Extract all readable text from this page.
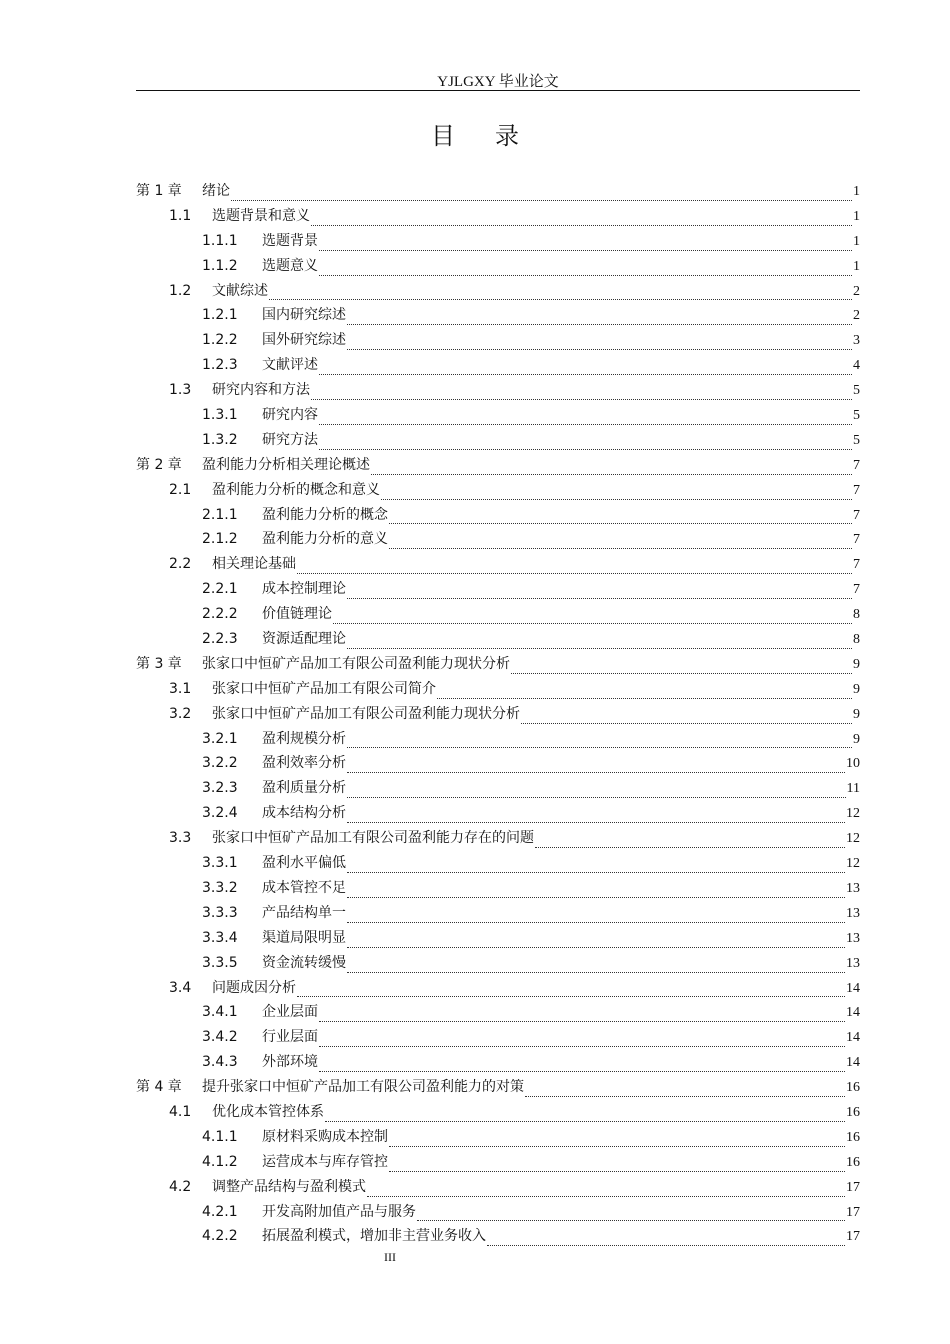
YJLGXY 毕业论文
目录
第 1 章	绪论	1
1.1	选题背景和意义	1
1.1.1	选题背景	1
1.1.2	选题意义	1
1.2	文献综述	2
1.2.1	国内研究综述	2
1.2.2	国外研究综述	3
1.2.3	文献评述	4
1.3	研究内容和方法	5
1.3.1	研究内容	5
1.3.2	研究方法	5
第 2 章	盈利能力分析相关理论概述	7
2.1	盈利能力分析的概念和意义	7
2.1.1	盈利能力分析的概念	7
2.1.2	盈利能力分析的意义	7
2.2	相关理论基础	7
2.2.1	成本控制理论	7
2.2.2	价值链理论	8
2.2.3	资源适配理论	8
第 3 章	张家口中恒矿产品加工有限公司盈利能力现状分析	9
3.1	张家口中恒矿产品加工有限公司简介	9
3.2	张家口中恒矿产品加工有限公司盈利能力现状分析	9
3.2.1	盈利规模分析	9
3.2.2	盈利效率分析	10
3.2.3	盈利质量分析	11
3.2.4	成本结构分析	12
3.3	张家口中恒矿产品加工有限公司盈利能力存在的问题	12
3.3.1	盈利水平偏低	12
3.3.2	成本管控不足	13
3.3.3	产品结构单一	13
3.3.4	渠道局限明显	13
3.3.5	资金流转缓慢	13
3.4	问题成因分析	14
3.4.1	企业层面	14
3.4.2	行业层面	14
3.4.3	外部环境	14
第 4 章	提升张家口中恒矿产品加工有限公司盈利能力的对策	16
4.1	优化成本管控体系	16
4.1.1	原材料采购成本控制	16
4.1.2	运营成本与库存管控	16
4.2	调整产品结构与盈利模式	17
4.2.1	开发高附加值产品与服务	17
4.2.2	拓展盈利模式，增加非主营业务收入	17
III
